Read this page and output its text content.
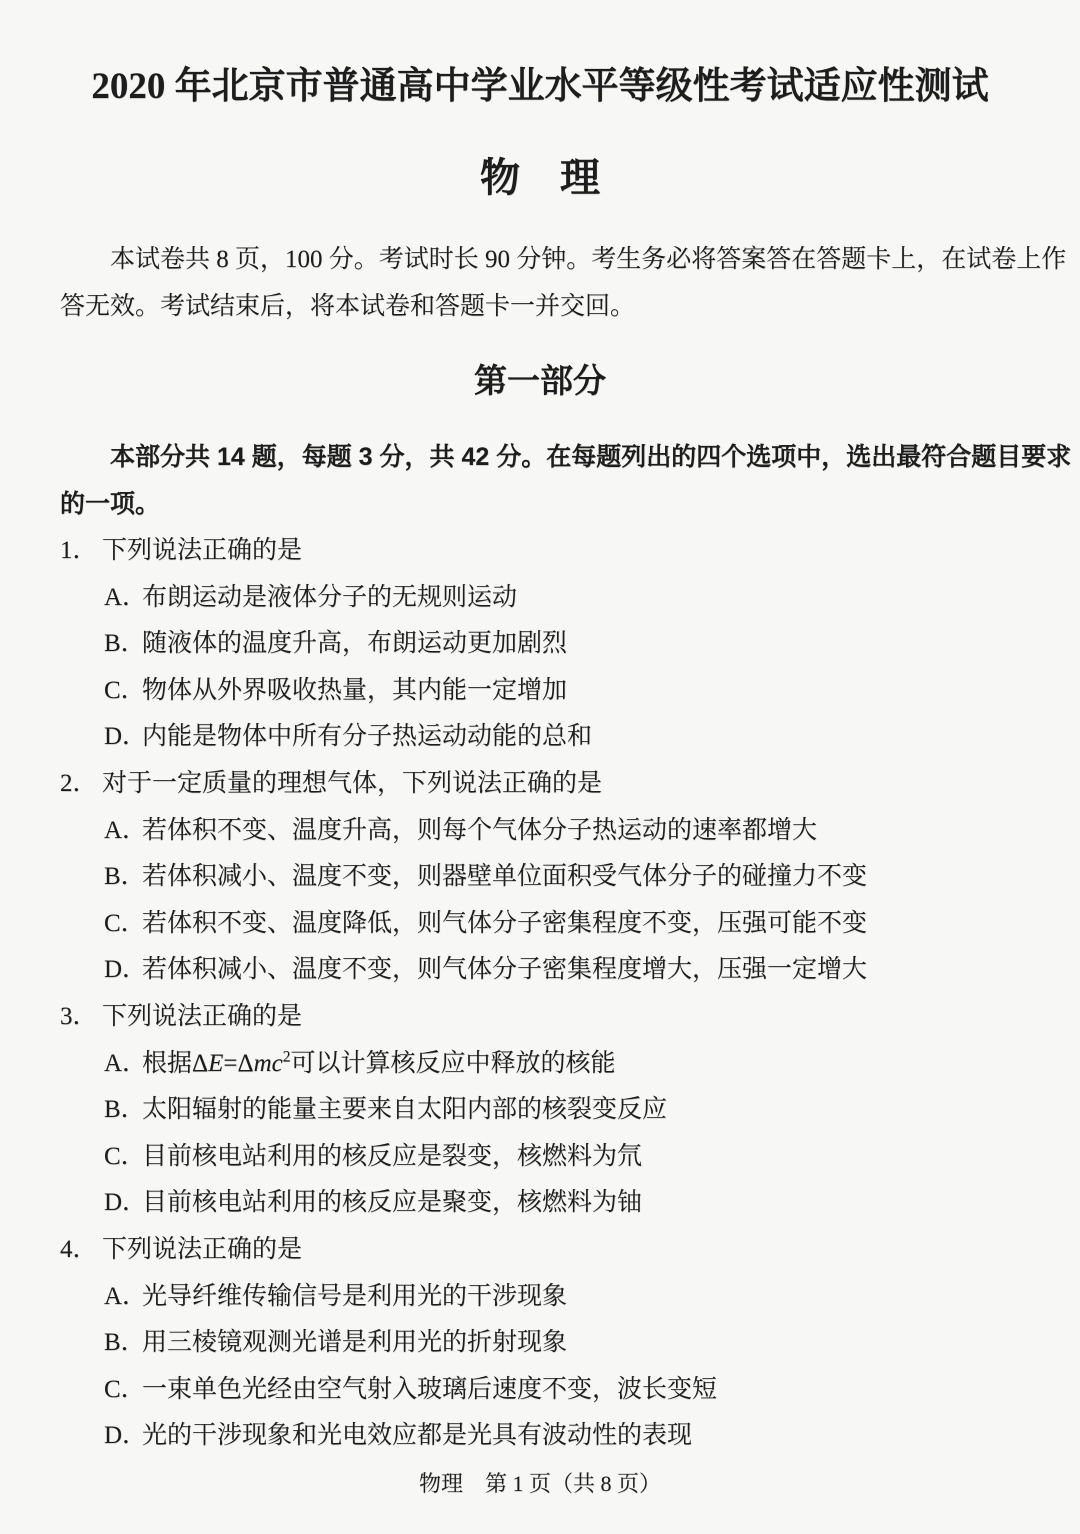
2020 年北京市普通高中学业水平等级性考试适应性测试
物　理
本试卷共 8 页，100 分。考试时长 90 分钟。考生务必将答案答在答题卡上，在试卷上作
答无效。考试结束后，将本试卷和答题卡一并交回。
第一部分
本部分共 14 题，每题 3 分，共 42 分。在每题列出的四个选项中，选出最符合题目要求
的一项。
1． 下列说法正确的是
A．布朗运动是液体分子的无规则运动
B．随液体的温度升高，布朗运动更加剧烈
C．物体从外界吸收热量，其内能一定增加
D．内能是物体中所有分子热运动动能的总和
2． 对于一定质量的理想气体，下列说法正确的是
A．若体积不变、温度升高，则每个气体分子热运动的速率都增大
B．若体积减小、温度不变，则器壁单位面积受气体分子的碰撞力不变
C．若体积不变、温度降低，则气体分子密集程度不变，压强可能不变
D．若体积减小、温度不变，则气体分子密集程度增大，压强一定增大
3． 下列说法正确的是
A．根据ΔE=Δmc$^2$可以计算核反应中释放的核能
B．太阳辐射的能量主要来自太阳内部的核裂变反应
C．目前核电站利用的核反应是裂变，核燃料为氘
D．目前核电站利用的核反应是聚变，核燃料为铀
4． 下列说法正确的是
A．光导纤维传输信号是利用光的干涉现象
B．用三棱镜观测光谱是利用光的折射现象
C．一束单色光经由空气射入玻璃后速度不变，波长变短
D．光的干涉现象和光电效应都是光具有波动性的表现
物理　第 1 页（共 8 页）
